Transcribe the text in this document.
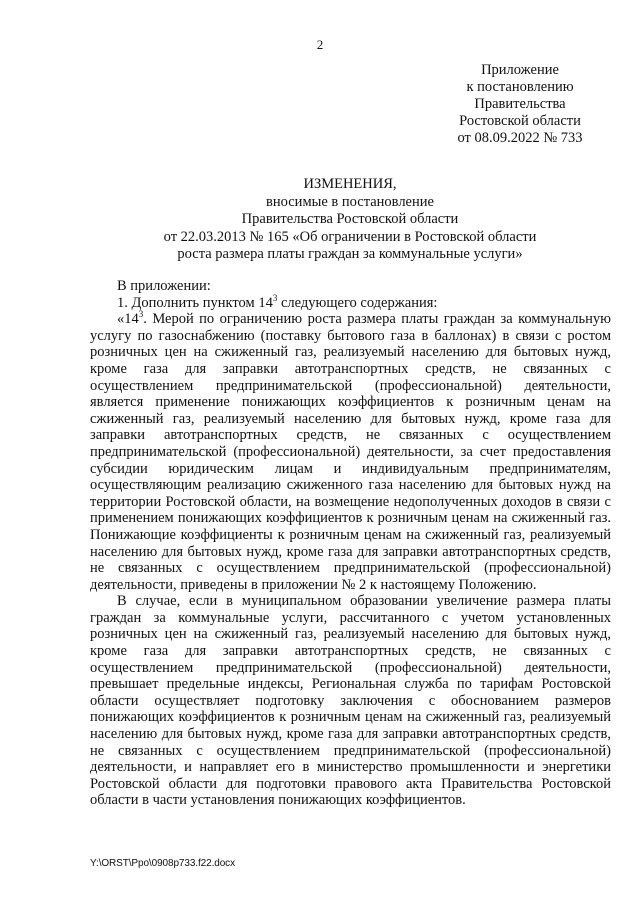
2
Приложение
к постановлению
Правительства
Ростовской области
от 08.09.2022 № 733
ИЗМЕНЕНИЯ,
вносимые в постановление
Правительства Ростовской области
от 22.03.2013 № 165 «Об ограничении в Ростовской области
роста размера платы граждан за коммунальные услуги»

В приложении:

1. Дополнить пунктом $14^3$ следующего содержания:

«$14^3$. Мерой по ограничению роста размера платы граждан за коммунальную услугу по газоснабжению (поставку бытового газа в баллонах) в связи с ростом розничных цен на сжиженный газ, реализуемый населению для бытовых нужд, кроме газа для заправки автотранспортных средств, не связанных с осуществлением предпринимательской (профессиональной) деятельности, является применение понижающих коэффициентов к розничным ценам на сжиженный газ, реализуемый населению для бытовых нужд, кроме газа для заправки автотранспортных средств, не связанных с осуществлением предпринимательской (профессиональной) деятельности, за счет предоставления субсидии юридическим лицам и индивидуальным предпринимателям, осуществляющим реализацию сжиженного газа населению для бытовых нужд на территории Ростовской области, на возмещение недополученных доходов в связи с применением понижающих коэффициентов к розничным ценам на сжиженный газ. Понижающие коэффициенты к розничным ценам на сжиженный газ, реализуемый населению для бытовых нужд, кроме газа для заправки автотранспортных средств, не связанных с осуществлением предпринимательской (профессиональной) деятельности, приведены в приложении № 2 к настоящему Положению.

В случае, если в муниципальном образовании увеличение размера платы граждан за коммунальные услуги, рассчитанного с учетом установленных розничных цен на сжиженный газ, реализуемый населению для бытовых нужд, кроме газа для заправки автотранспортных средств, не связанных с осуществлением предпринимательской (профессиональной) деятельности, превышает предельные индексы, Региональная служба по тарифам Ростовской области осуществляет подготовку заключения с обоснованием размеров понижающих коэффициентов к розничным ценам на сжиженный газ, реализуемый населению для бытовых нужд, кроме газа для заправки автотранспортных средств, не связанных с осуществлением предпринимательской (профессиональной) деятельности, и направляет его в министерство промышленности и энергетики Ростовской области для подготовки правового акта Правительства Ростовской области в части установления понижающих коэффициентов.

Y:\ORST\Ppo\0908p733.f22.docx
